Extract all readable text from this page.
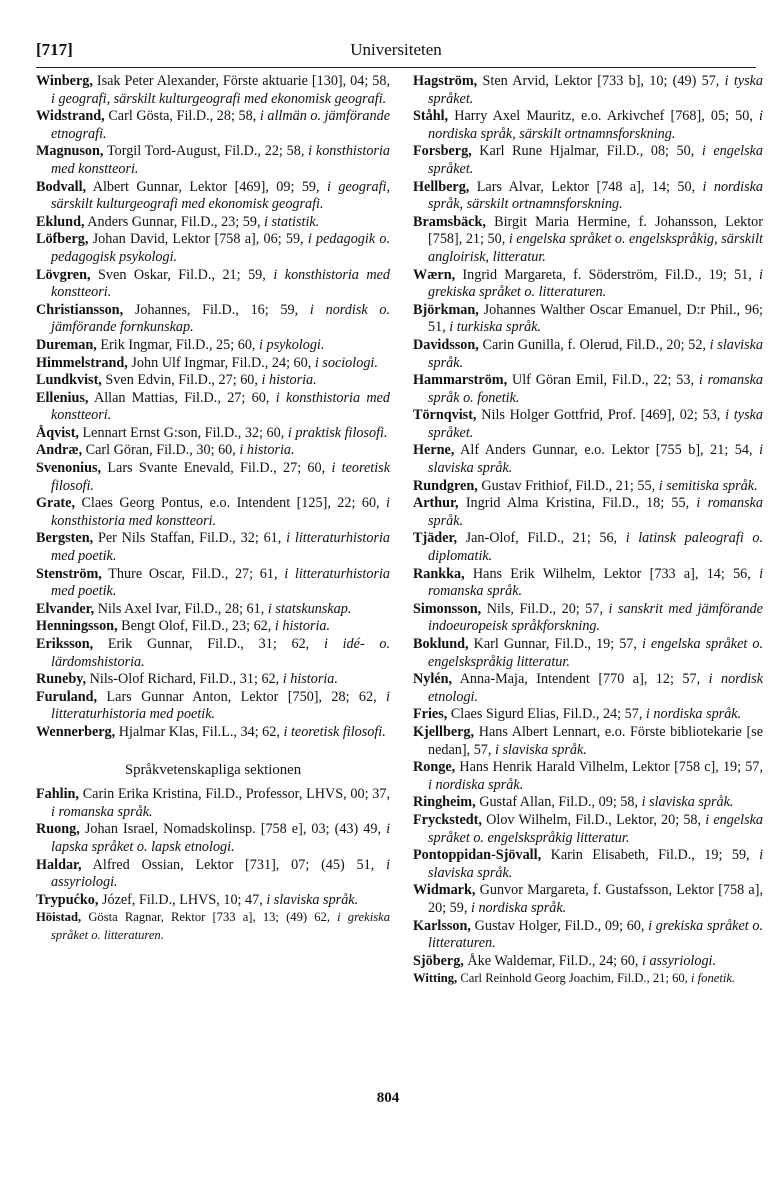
[717]	Universiteten

Winberg, Isak Peter Alexander, Förste aktuarie [130], 04; 58, i geografi, särskilt kulturgeografi med ekonomisk geografi.

Widstrand, Carl Gösta, Fil.D., 28; 58, i allmän o. jämförande etnografi.

Magnuson, Torgil Tord-August, Fil.D., 22; 58, i konsthistoria med konstteori.

Bodvall, Albert Gunnar, Lektor [469], 09; 59, i geografi, särskilt kulturgeografi med ekonomisk geografi.

Eklund, Anders Gunnar, Fil.D., 23; 59, i statistik.

Löfberg, Johan David, Lektor [758 a], 06; 59, i pedagogik o. pedagogisk psykologi.

Lövgren, Sven Oskar, Fil.D., 21; 59, i konsthistoria med konstteori.

Christiansson, Johannes, Fil.D., 16; 59, i nordisk o. jämförande fornkunskap.

Dureman, Erik Ingmar, Fil.D., 25; 60, i psykologi.

Himmelstrand, John Ulf Ingmar, Fil.D., 24; 60, i sociologi.

Lundkvist, Sven Edvin, Fil.D., 27; 60, i historia.

Ellenius, Allan Mattias, Fil.D., 27; 60, i konsthistoria med konstteori.

Åqvist, Lennart Ernst G:son, Fil.D., 32; 60, i praktisk filosofi.

Andræ, Carl Göran, Fil.D., 30; 60, i historia.

Svenonius, Lars Svante Enevald, Fil.D., 27; 60, i teoretisk filosofi.

Grate, Claes Georg Pontus, e.o. Intendent [125], 22; 60, i konsthistoria med konstteori.

Bergsten, Per Nils Staffan, Fil.D., 32; 61, i litteraturhistoria med poetik.

Stenström, Thure Oscar, Fil.D., 27; 61, i litteraturhistoria med poetik.

Elvander, Nils Axel Ivar, Fil.D., 28; 61, i statskunskap.

Henningsson, Bengt Olof, Fil.D., 23; 62, i historia.

Eriksson, Erik Gunnar, Fil.D., 31; 62, i idé- o. lärdomshistoria.

Runeby, Nils-Olof Richard, Fil.D., 31; 62, i historia.

Furuland, Lars Gunnar Anton, Lektor [750], 28; 62, i litteraturhistoria med poetik.

Wennerberg, Hjalmar Klas, Fil.L., 34; 62, i teoretisk filosofi.

Språkvetenskapliga sektionen

Fahlin, Carin Erika Kristina, Fil.D., Professor, LHVS, 00; 37, i romanska språk.

Ruong, Johan Israel, Nomadskolinsp. [758 e], 03; (43) 49, i lapska språket o. lapsk etnologi.

Haldar, Alfred Ossian, Lektor [731], 07; (45) 51, i assyriologi.

Trypućko, Józef, Fil.D., LHVS, 10; 47, i slaviska språk.

Höistad, Gösta Ragnar, Rektor [733 a], 13; (49) 62, i grekiska språket o. litteraturen.

Hagström, Sten Arvid, Lektor [733 b], 10; (49) 57, i tyska språket.

Ståhl, Harry Axel Mauritz, e.o. Arkivchef [768], 05; 50, i nordiska språk, särskilt ortnamnsforskning.

Forsberg, Karl Rune Hjalmar, Fil.D., 08; 50, i engelska språket.

Hellberg, Lars Alvar, Lektor [748 a], 14; 50, i nordiska språk, särskilt ortnamnsforskning.

Bramsbäck, Birgit Maria Hermine, f. Johansson, Lektor [758], 21; 50, i engelska språket o. engelskspråkig, särskilt angloirisk, litteratur.

Wærn, Ingrid Margareta, f. Söderström, Fil.D., 19; 51, i grekiska språket o. litteraturen.

Björkman, Johannes Walther Oscar Emanuel, D:r Phil., 96; 51, i turkiska språk.

Davidsson, Carin Gunilla, f. Olerud, Fil.D., 20; 52, i slaviska språk.

Hammarström, Ulf Göran Emil, Fil.D., 22; 53, i romanska språk o. fonetik.

Törnqvist, Nils Holger Gottfrid, Prof. [469], 02; 53, i tyska språket.

Herne, Alf Anders Gunnar, e.o. Lektor [755 b], 21; 54, i slaviska språk.

Rundgren, Gustav Frithiof, Fil.D., 21; 55, i semitiska språk.

Arthur, Ingrid Alma Kristina, Fil.D., 18; 55, i romanska språk.

Tjäder, Jan-Olof, Fil.D., 21; 56, i latinsk paleografi o. diplomatik.

Rankka, Hans Erik Wilhelm, Lektor [733 a], 14; 56, i romanska språk.

Simonsson, Nils, Fil.D., 20; 57, i sanskrit med jämförande indoeuropeisk språkforskning.

Boklund, Karl Gunnar, Fil.D., 19; 57, i engelska språket o. engelskspråkig litteratur.

Nylén, Anna-Maja, Intendent [770 a], 12; 57, i nordisk etnologi.

Fries, Claes Sigurd Elias, Fil.D., 24; 57, i nordiska språk.

Kjellberg, Hans Albert Lennart, e.o. Förste bibliotekarie [se nedan], 57, i slaviska språk.

Ronge, Hans Henrik Harald Vilhelm, Lektor [758 c], 19; 57, i nordiska språk.

Ringheim, Gustaf Allan, Fil.D., 09; 58, i slaviska språk.

Fryckstedt, Olov Wilhelm, Fil.D., Lektor, 20; 58, i engelska språket o. engelskspråkig litteratur.

Pontoppidan-Sjövall, Karin Elisabeth, Fil.D., 19; 59, i slaviska språk.

Widmark, Gunvor Margareta, f. Gustafsson, Lektor [758 a], 20; 59, i nordiska språk.

Karlsson, Gustav Holger, Fil.D., 09; 60, i grekiska språket o. litteraturen.

Sjöberg, Åke Waldemar, Fil.D., 24; 60, i assyriologi.

Witting, Carl Reinhold Georg Joachim, Fil.D., 21; 60, i fonetik.

804
